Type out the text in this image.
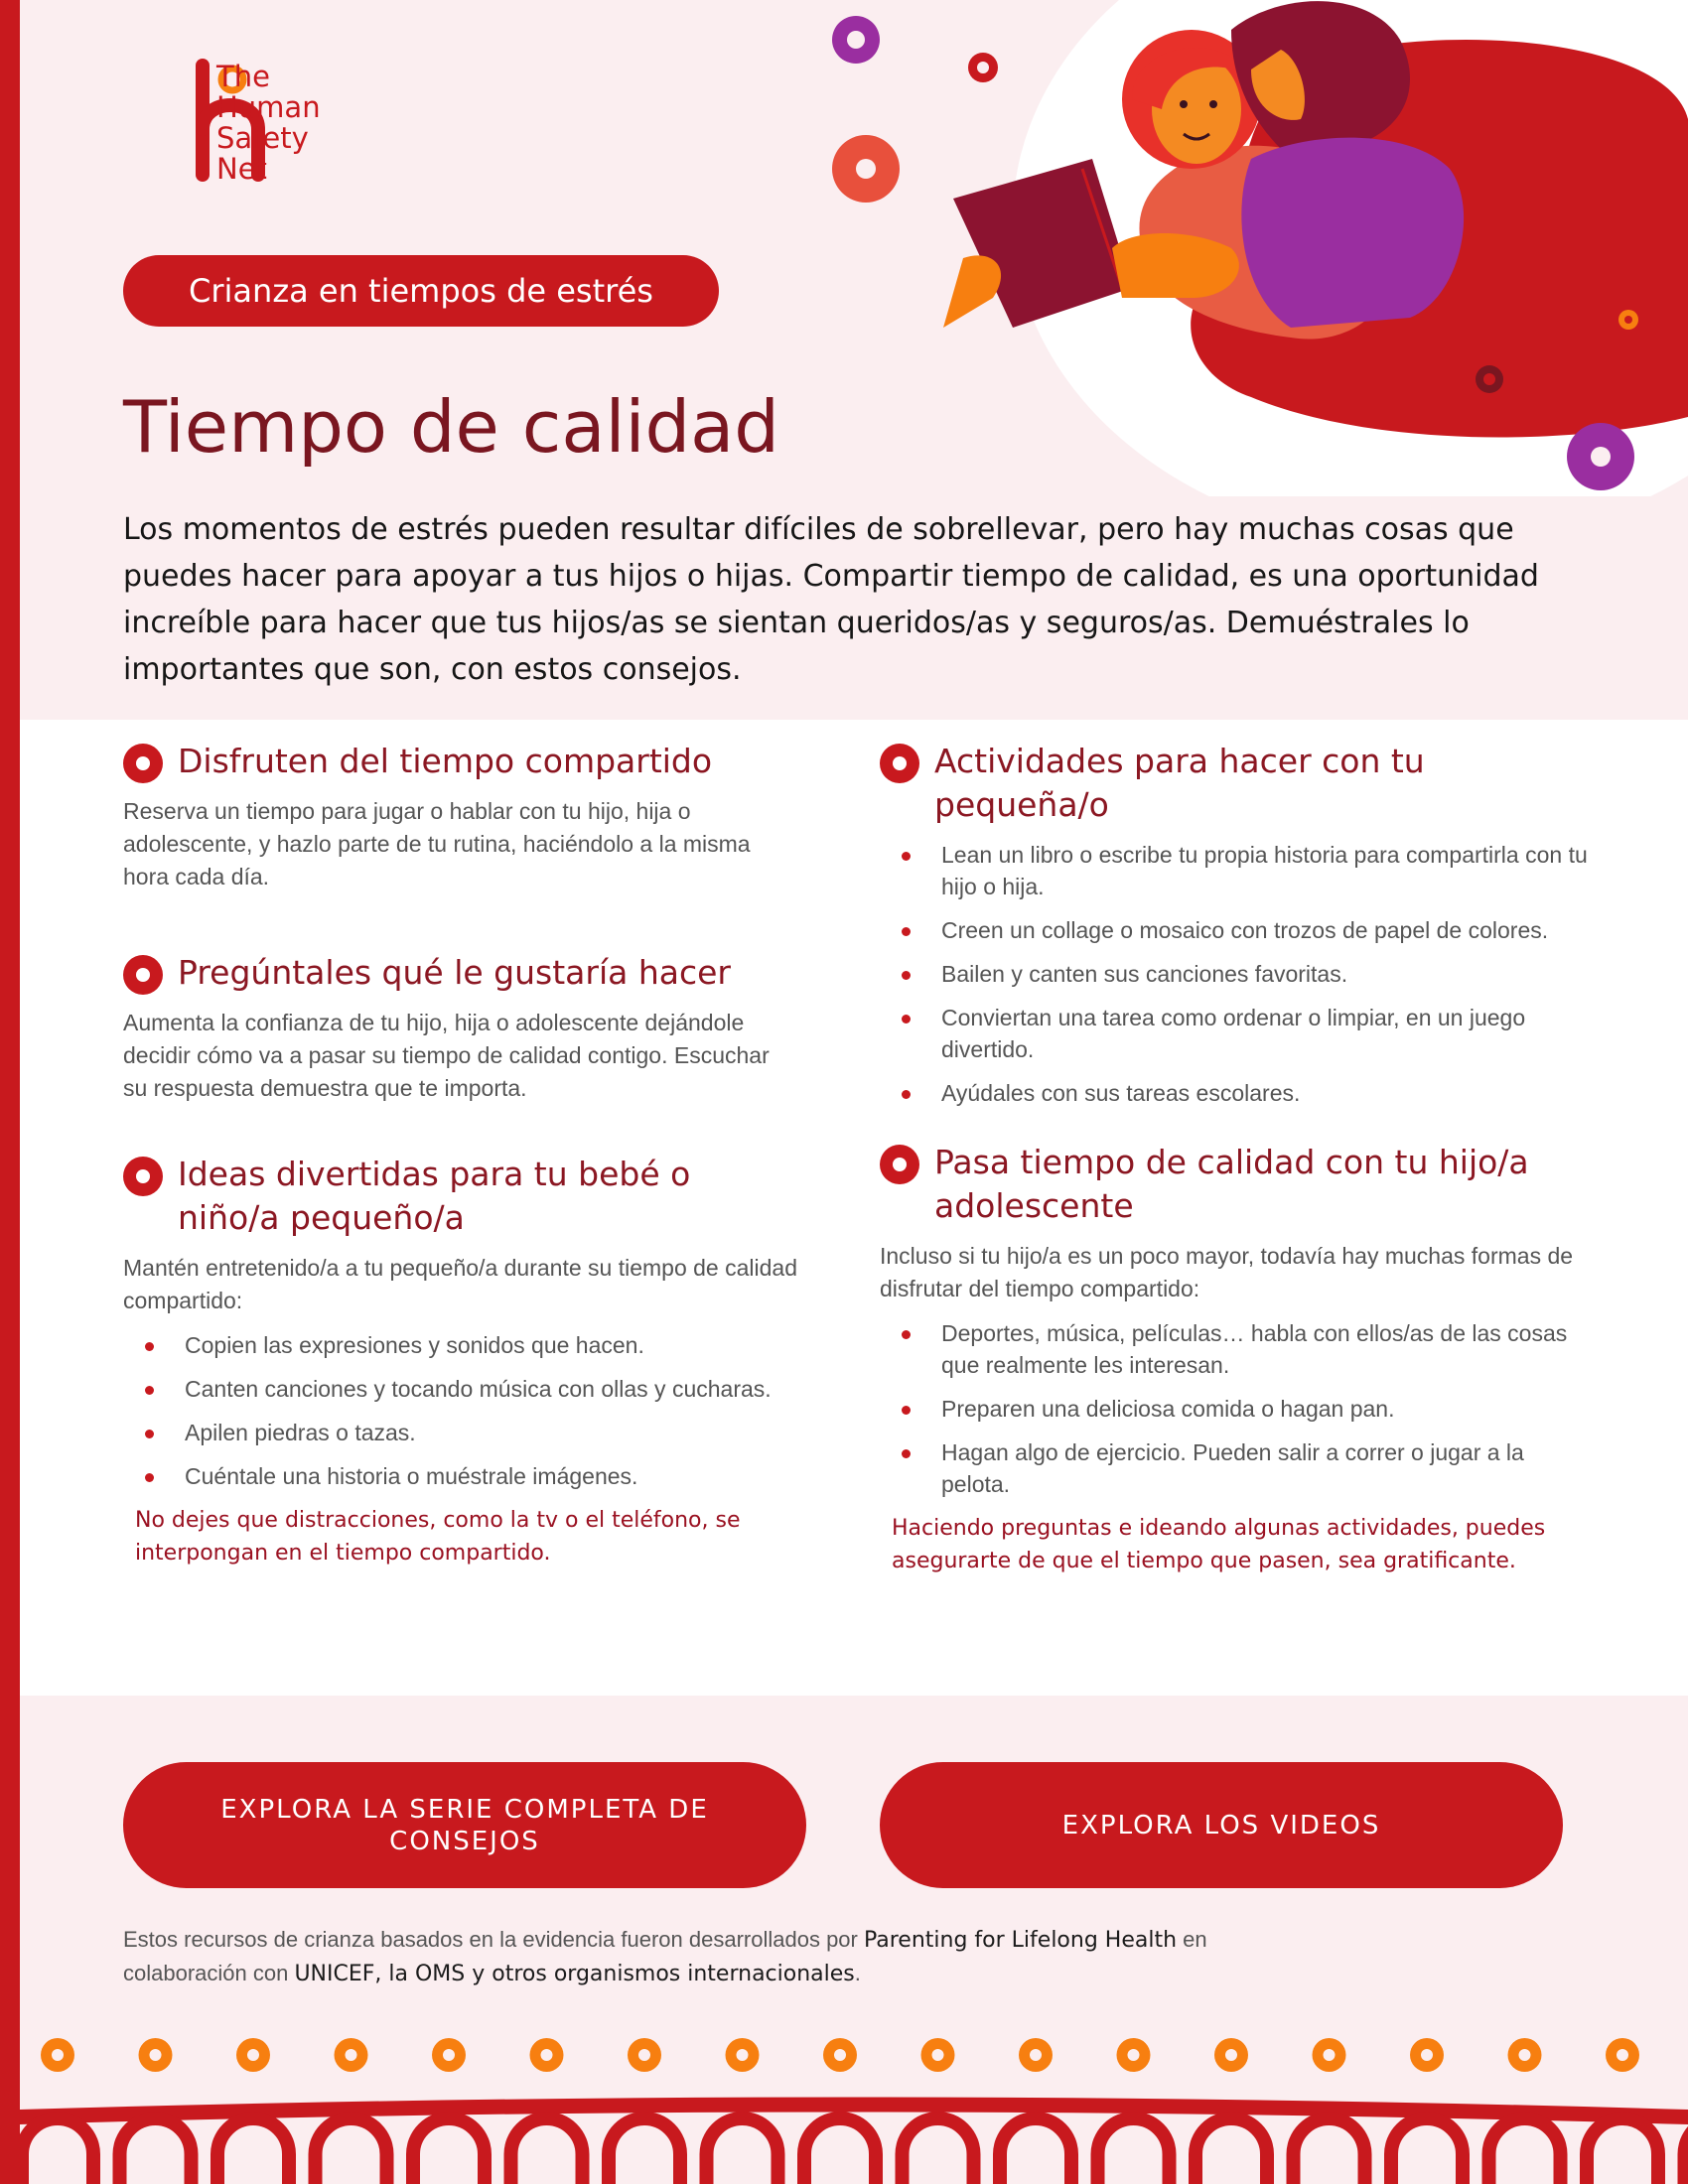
The
Human
Safety
Net
Crianza en tiempos de estrés
Tiempo de calidad

Los momentos de estrés pueden resultar difíciles de sobrellevar, pero hay muchas cosas que puedes hacer para apoyar a tus hijos o hijas. Compartir tiempo de calidad, es una oportunidad increíble para hacer que tus hijos/as se sientan queridos/as y seguros/as. Demuéstrales lo importantes que son, con estos consejos.

Disfruten del tiempo compartido

Reserva un tiempo para jugar o hablar con tu hijo, hija o adolescente, y hazlo parte de tu rutina, haciéndolo a la misma hora cada día.

Pregúntales qué le gustaría hacer

Aumenta la confianza de tu hijo, hija o adolescente dejándole decidir cómo va a pasar su tiempo de calidad contigo. Escuchar su respuesta demuestra que te importa.

Ideas divertidas para tu bebé o niño/a pequeño/a

Mantén entretenido/a a tu pequeño/a durante su tiempo de calidad compartido:

Copien las expresiones y sonidos que hacen.
Canten canciones y tocando música con ollas y cucharas.
Apilen piedras o tazas.
Cuéntale una historia o muéstrale imágenes.

No dejes que distracciones, como la tv o el teléfono, se interpongan en el tiempo compartido.

Actividades para hacer con tu pequeña/o
Lean un libro o escribe tu propia historia para compartirla con tu hijo o hija.
Creen un collage o mosaico con trozos de papel de colores.
Bailen y canten sus canciones favoritas.
Conviertan una tarea como ordenar o limpiar, en un juego divertido.
Ayúdales con sus tareas escolares.
Pasa tiempo de calidad con tu hijo/a adolescente

Incluso si tu hijo/a es un poco mayor, todavía hay muchas formas de disfrutar del tiempo compartido:

Deportes, música, películas… habla con ellos/as de las cosas que realmente les interesan.
Preparen una deliciosa comida o hagan pan.
Hagan algo de ejercicio. Pueden salir a correr o jugar a la pelota.

Haciendo preguntas e ideando algunas actividades, puedes asegurarte de que el tiempo que pasen, sea gratificante.

EXPLORA LA SERIE COMPLETA DE CONSEJOS
EXPLORA LOS VIDEOS

Estos recursos de crianza basados en la evidencia fueron desarrollados por Parenting for Lifelong Health en colaboración con UNICEF, la OMS y otros organismos internacionales.
